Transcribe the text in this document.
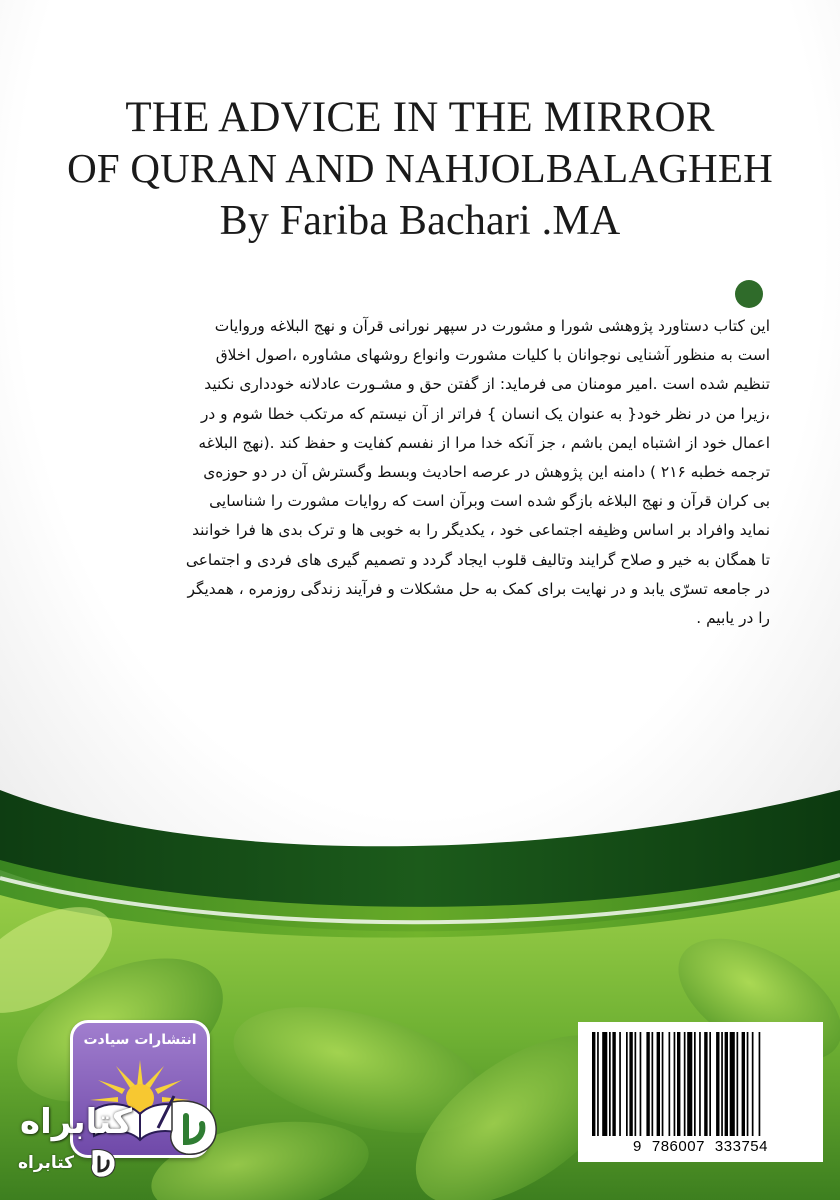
THE ADVICE IN THE MIRROR
OF QURAN AND NAHJOLBALAGHEH
By Fariba Bachari .MA
این کتاب دستاورد پژوهشی شورا و مشورت در سپهر نورانی قرآن و نهج البلاغه وروایات
است به منظور آشنایی نوجوانان با کلیات مشورت وانواع روشهای مشاوره ،اصول اخلاق
تنظیم شده است .امیر مومنان می فرماید: از گفتن حق و مشـورت عادلانه خودداری نکنید
،زیرا من در نظر خود{ به عنوان یک انسان } فراتر از آن نیستم که مرتکب خطا شوم و در
اعمال خود از اشتباه ایمن باشم ، جز آنکه خدا مرا از نفسم کفایت و حفظ کند .(نهج البلاغه
ترجمه خطبه ۲۱۶ ) دامنه این پژوهش در عرصه احادیث وبسط وگسترش آن در دو حوزه‌ی
بی کران قرآن و نهج البلاغه بازگو شده است وبرآن است که روایات مشورت را شناسایی
نماید وافراد بر اساس وظیفه اجتماعی خود ، یکدیگر را به خوبی ها و ترک بدی ها فرا خوانند
تا همگان به خیر و صلاح گرایند وتالیف قلوب ایجاد گردد و تصمیم گیری های فردی و اجتماعی
در جامعه تسرّی یابد و در نهایت برای کمک به حل مشکلات و فرآیند زندگی روزمره ، همدیگر
را در یابیم .
انتشارات سیادت
9 786007 333754
کتابراه
کتابراه
